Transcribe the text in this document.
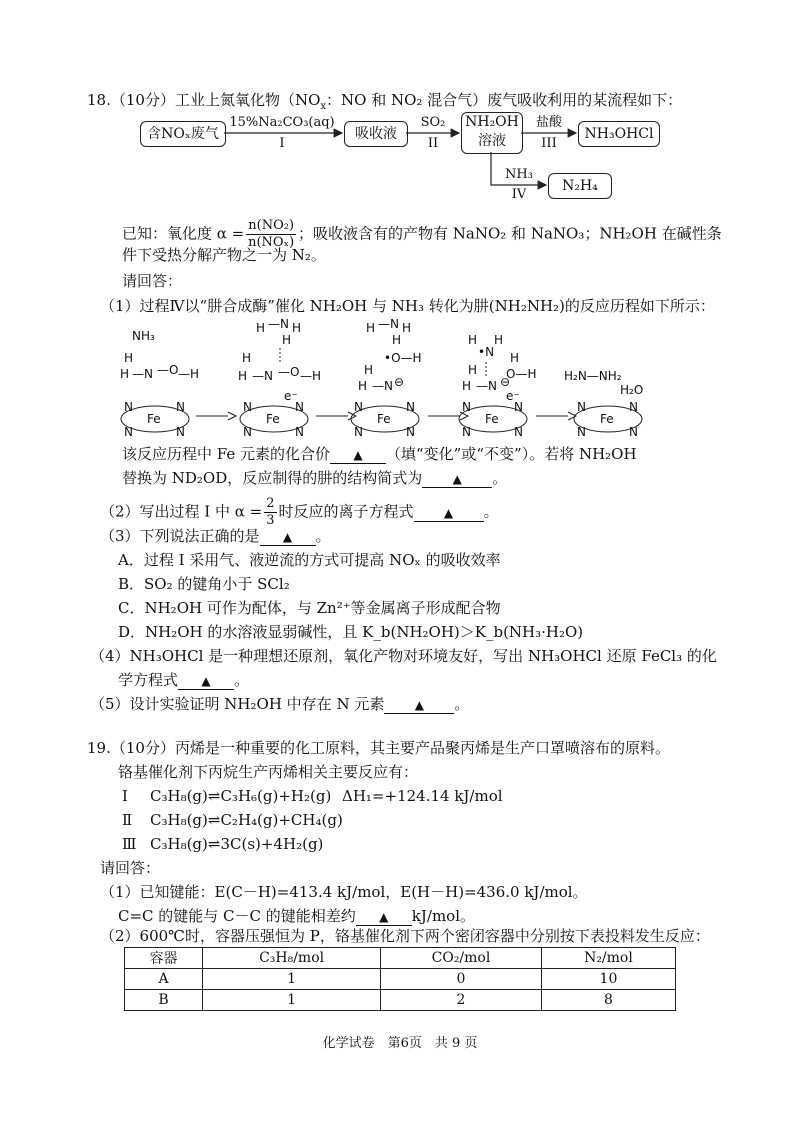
18.（10分）工业上氮氧化物（$NO_x$：NO 和 NO₂ 混合气）废气吸收利用的某流程如下：
含NOₓ废气
15%Na₂CO₃(aq)
I
吸收液
SO₂
II
NH₂OH
溶液
盐酸
III
NH₃OHCl
NH₃
IV
N₂H₄
已知：氧化度 $\alpha = \frac{\text{n(NO₂)}}{\text{n(NOₓ)}}$ ；吸收液含有的产物有 NaNO₂ 和 NaNO₃；NH₂OH 在碱性条
件下受热分解产物之一为 N₂。
请回答：
（1）过程Ⅳ以“肼合成酶”催化 NH₂OH 与 NH₃ 转化为肼(NH₂NH₂)的反应历程如下所示：
NH₃
H
H —N —O —H
Fe
N	N
N	N
H —N H
H
H
H —N —O —H
e⁻
Fe
N	N
N	N
H —N H
H
•O—H
H
H —N ⊖
Fe
N	N
N	N
H
•N
H
H
O—H
H
H —N ⊖
e⁻
Fe
N	N
N	N
H₂N—NH₂
H₂O
Fe
N	N
N	N
该反应历程中 Fe 元素的化合价 ▲ （填“变化”或“不变”）。若将 NH₂OH
替换为 ND₂OD，反应制得的肼的结构简式为	▲ 。
（2）写出过程 I 中 $\alpha = \frac{2}{3}$ 时反应的离子方程式	▲ 。
（3）下列说法正确的是 ▲ 。
A．过程 I 采用气、液逆流的方式可提高 NOₓ 的吸收效率
B．SO₂ 的键角小于 SCl₂
C．NH₂OH 可作为配体，与 Zn²⁺等金属离子形成配合物
D．NH₂OH 的水溶液显弱碱性，且 K_b(NH₂OH)＞K_b(NH₃·H₂O)
（4）NH₃OHCl 是一种理想还原剂，氧化产物对环境友好，写出 NH₃OHCl 还原 FeCl₃ 的化
学方程式 ▲ 。
（5）设计实验证明 NH₂OH 中存在 N 元素	▲ 。
19.（10分）丙烯是一种重要的化工原料，其主要产品聚丙烯是生产口罩喷溶布的原料。
铬基催化剂下丙烷生产丙烯相关主要反应有：
Ⅰ C₃H₈(g)⇌C₃H₆(g)+H₂(g) ΔH₁=+124.14 kJ/mol
Ⅱ C₃H₈(g)⇌C₂H₄(g)+CH₄(g)
Ⅲ C₃H₈(g)⇌3C(s)+4H₂(g)
请回答：
（1）已知键能：E(C－H)=413.4 kJ/mol，E(H－H)=436.0 kJ/mol。
C=C 的键能与 C－C 的键能相差约 ▲ kJ/mol。
（2）600℃时，容器压强恒为 P，铬基催化剂下两个密闭容器中分别按下表投料发生反应：
容器	C₃H₈/mol	CO₂/mol	N₂/mol
A	1	0	10
B	1	2	8
化学试卷　第6页　共 9 页
